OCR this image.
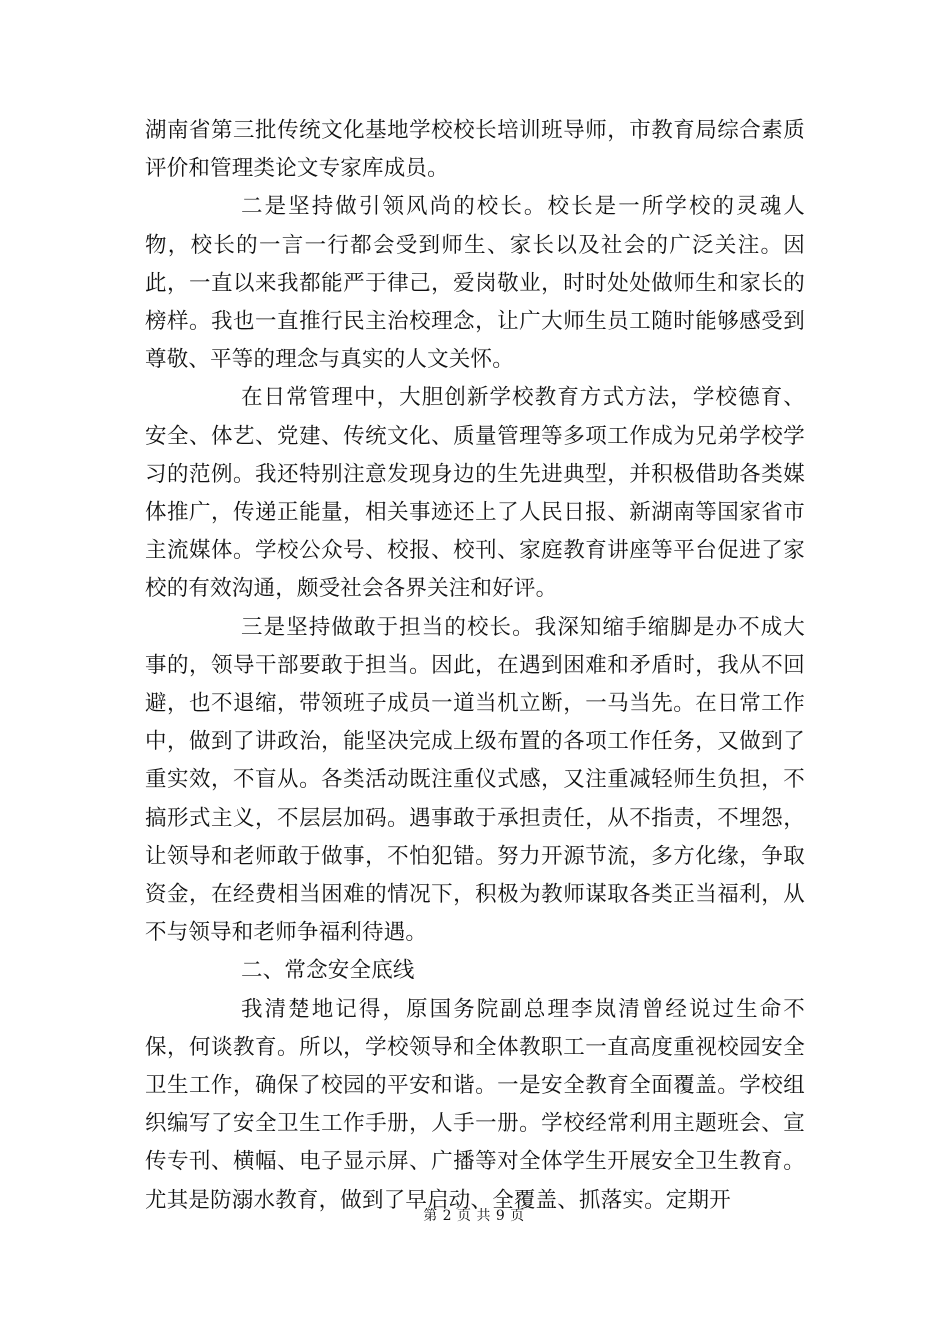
湖南省第三批传统文化基地学校校长培训班导师，市教育局综合素质评价和管理类论文专家库成员。

二是坚持做引领风尚的校长。校长是一所学校的灵魂人物，校长的一言一行都会受到师生、家长以及社会的广泛关注。因此，一直以来我都能严于律己，爱岗敬业，时时处处做师生和家长的榜样。我也一直推行民主治校理念，让广大师生员工随时能够感受到尊敬、平等的理念与真实的人文关怀。

在日常管理中，大胆创新学校教育方式方法，学校德育、安全、体艺、党建、传统文化、质量管理等多项工作成为兄弟学校学习的范例。我还特别注意发现身边的生先进典型，并积极借助各类媒体推广，传递正能量，相关事迹还上了人民日报、新湖南等国家省市主流媒体。学校公众号、校报、校刊、家庭教育讲座等平台促进了家校的有效沟通，颇受社会各界关注和好评。

三是坚持做敢于担当的校长。我深知缩手缩脚是办不成大事的，领导干部要敢于担当。因此，在遇到困难和矛盾时，我从不回避，也不退缩，带领班子成员一道当机立断，一马当先。在日常工作中，做到了讲政治，能坚决完成上级布置的各项工作任务，又做到了重实效，不盲从。各类活动既注重仪式感，又注重减轻师生负担，不搞形式主义，不层层加码。遇事敢于承担责任，从不指责，不埋怨，让领导和老师敢于做事，不怕犯错。努力开源节流，多方化缘，争取资金，在经费相当困难的情况下，积极为教师谋取各类正当福利，从不与领导和老师争福利待遇。

二、常念安全底线

我清楚地记得，原国务院副总理李岚清曾经说过生命不保，何谈教育。所以，学校领导和全体教职工一直高度重视校园安全卫生工作，确保了校园的平安和谐。一是安全教育全面覆盖。学校组织编写了安全卫生工作手册，人手一册。学校经常利用主题班会、宣传专刊、横幅、电子显示屏、广播等对全体学生开展安全卫生教育。尤其是防溺水教育，做到了早启动、全覆盖、抓落实。定期开

第 2 页 共 9 页
